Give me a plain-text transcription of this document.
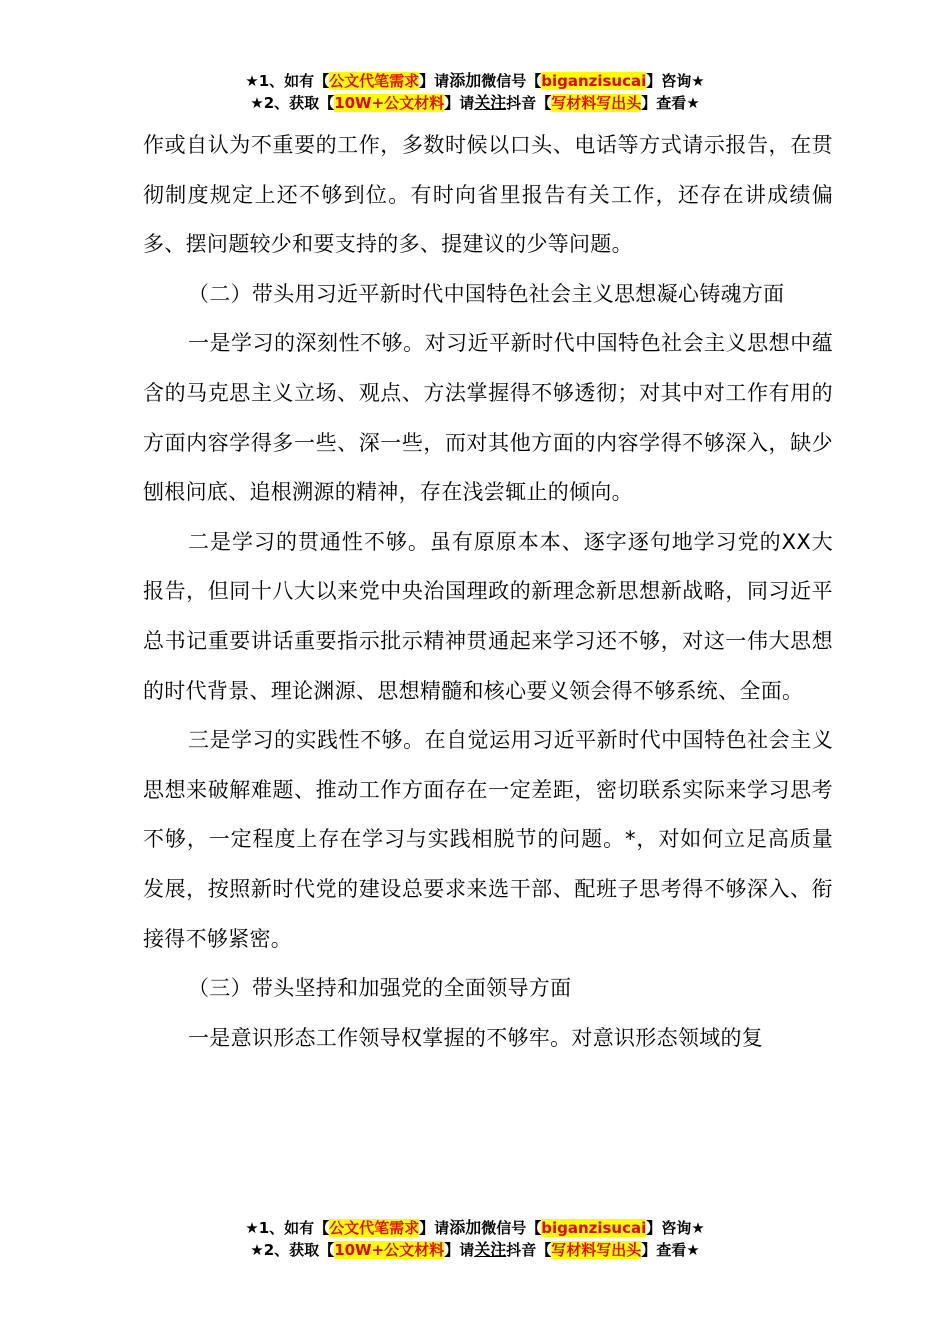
★1、如有【公文代笔需求】请添加微信号【biganzisucai】咨询★
★2、获取【10W+公文材料】请关注抖音【写材料写出头】查看★

作或自认为不重要的工作，多数时候以口头、电话等方式请示报告，在贯彻制度规定上还不够到位。有时向省里报告有关工作，还存在讲成绩偏多、摆问题较少和要支持的多、提建议的少等问题。

（二）带头用习近平新时代中国特色社会主义思想凝心铸魂方面

一是学习的深刻性不够。对习近平新时代中国特色社会主义思想中蕴含的马克思主义立场、观点、方法掌握得不够透彻；对其中对工作有用的方面内容学得多一些、深一些，而对其他方面的内容学得不够深入，缺少刨根问底、追根溯源的精神，存在浅尝辄止的倾向。

二是学习的贯通性不够。虽有原原本本、逐字逐句地学习党的XX大报告，但同十八大以来党中央治国理政的新理念新思想新战略，同习近平总书记重要讲话重要指示批示精神贯通起来学习还不够，对这一伟大思想的时代背景、理论渊源、思想精髓和核心要义领会得不够系统、全面。

三是学习的实践性不够。在自觉运用习近平新时代中国特色社会主义思想来破解难题、推动工作方面存在一定差距，密切联系实际来学习思考不够，一定程度上存在学习与实践相脱节的问题。*，对如何立足高质量发展，按照新时代党的建设总要求来选干部、配班子思考得不够深入、衔接得不够紧密。

（三）带头坚持和加强党的全面领导方面

一是意识形态工作领导权掌握的不够牢。对意识形态领域的复

★1、如有【公文代笔需求】请添加微信号【biganzisucai】咨询★
★2、获取【10W+公文材料】请关注抖音【写材料写出头】查看★
